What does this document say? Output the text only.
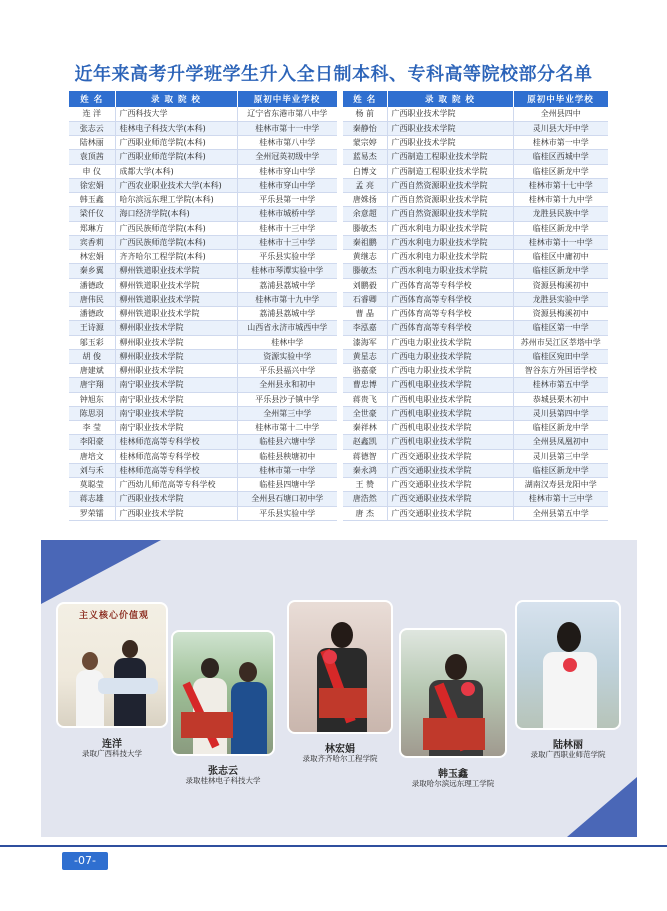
近年来高考升学班学生升入全日制本科、专科高等院校部分名单
姓 名	录 取 院 校	原初中毕业学校
连 洋	广西科技大学	辽宁省东港市第八中学
张志云	桂林电子科技大学(本科)	桂林市第十一中学
陆林丽	广西职业师范学院(本科)	桂林市第八中学
袁顶茜	广西职业师范学院(本科)	全州冠英初级中学
申 仪	成都大学(本科)	桂林市穿山中学
徐宏娟	广西农业职业技术大学(本科)	桂林市穿山中学
韩玉鑫	哈尔滨远东理工学院(本科)	平乐县第一中学
梁仟仪	海口经济学院(本科)	桂林市城桥中学
郑琳方	广西民族师范学院(本科)	桂林市十三中学
宾香莉	广西民族师范学院(本科)	桂林市十三中学
林宏娟	齐齐哈尔工程学院(本科)	平乐县实验中学
秦乡翼	柳州铁道职业技术学院	桂林市琴潭实验中学
潘德政	柳州铁道职业技术学院	荔浦县荔城中学
唐伟民	柳州铁道职业技术学院	桂林市第十九中学
潘德政	柳州铁道职业技术学院	荔浦县荔城中学
王诗源	柳州职业技术学院	山西省永济市城西中学
邬玉彩	柳州职业技术学院	桂林中学
胡 俊	柳州职业技术学院	资源实验中学
唐建斌	柳州职业技术学院	平乐县福兴中学
唐宇翔	南宁职业技术学院	全州县永和初中
钟旭东	南宁职业技术学院	平乐县沙子镇中学
陈思羽	南宁职业技术学院	全州第三中学
李 莹	南宁职业技术学院	桂林市第十二中学
李阳豪	桂林师范高等专科学校	临桂县六塘中学
唐培文	桂林师范高等专科学校	临桂县秧塘初中
刘与禾	桂林师范高等专科学校	桂林市第一中学
莫聪莹	广西幼儿师范高等专科学校	临桂县四塘中学
蒋志雄	广西职业技术学院	全州县石塘口初中学
罗荣镭	广西职业技术学院	平乐县实验中学
姓 名	录 取 院 校	原初中毕业学校
杨 前	广西职业技术学院	全州县四中
秦静怡	广西职业技术学院	灵川县大圩中学
蒙宗婷	广西职业技术学院	桂林市第一中学
蓝易杰	广西制造工程职业技术学院	临桂区西城中学
白博文	广西制造工程职业技术学院	临桂区新龙中学
孟 亮	广西自然资源职业技术学院	桂林市第十七中学
唐姝扬	广西自然资源职业技术学院	桂林市第十九中学
余意超	广西自然资源职业技术学院	龙胜县民族中学
滕敏杰	广西水利电力职业技术学院	临桂区新龙中学
秦祖鹏	广西水利电力职业技术学院	桂林市第十一中学
黄继志	广西水利电力职业技术学院	临桂区中庸初中
滕敏杰	广西水利电力职业技术学院	临桂区新龙中学
刘鹏毅	广西体育高等专科学校	资源县梅溪初中
石睿卿	广西体育高等专科学校	龙胜县实验中学
曹 晶	广西体育高等专科学校	资源县梅溪初中
李泓嘉	广西体育高等专科学校	临桂区第一中学
漆海军	广西电力职业技术学院	苏州市吴江区莘塔中学
黄星志	广西电力职业技术学院	临桂区宛田中学
骆嘉豪	广西电力职业技术学院	智谷东方外国语学校
曹忠博	广西机电职业技术学院	桂林市第五中学
蒋贵飞	广西机电职业技术学院	恭城县栗木初中
全世豪	广西机电职业技术学院	灵川县第四中学
秦祥林	广西机电职业技术学院	临桂区新龙中学
赵鑫凯	广西机电职业技术学院	全州县凤凰初中
蒋德智	广西交通职业技术学院	灵川县第三中学
秦永鸿	广西交通职业技术学院	临桂区新龙中学
王 赞	广西交通职业技术学院	湖南汉寿县龙阳中学
唐浩然	广西交通职业技术学院	桂林市第十三中学
唐 杰	广西交通职业技术学院	全州县第五中学
主义核心价值观
连洋
录取广西科技大学
张志云
录取桂林电子科技大学
林宏娟
录取齐齐哈尔工程学院
韩玉鑫
录取哈尔滨远东理工学院
陆林丽
录取广西职业师范学院
-07-
